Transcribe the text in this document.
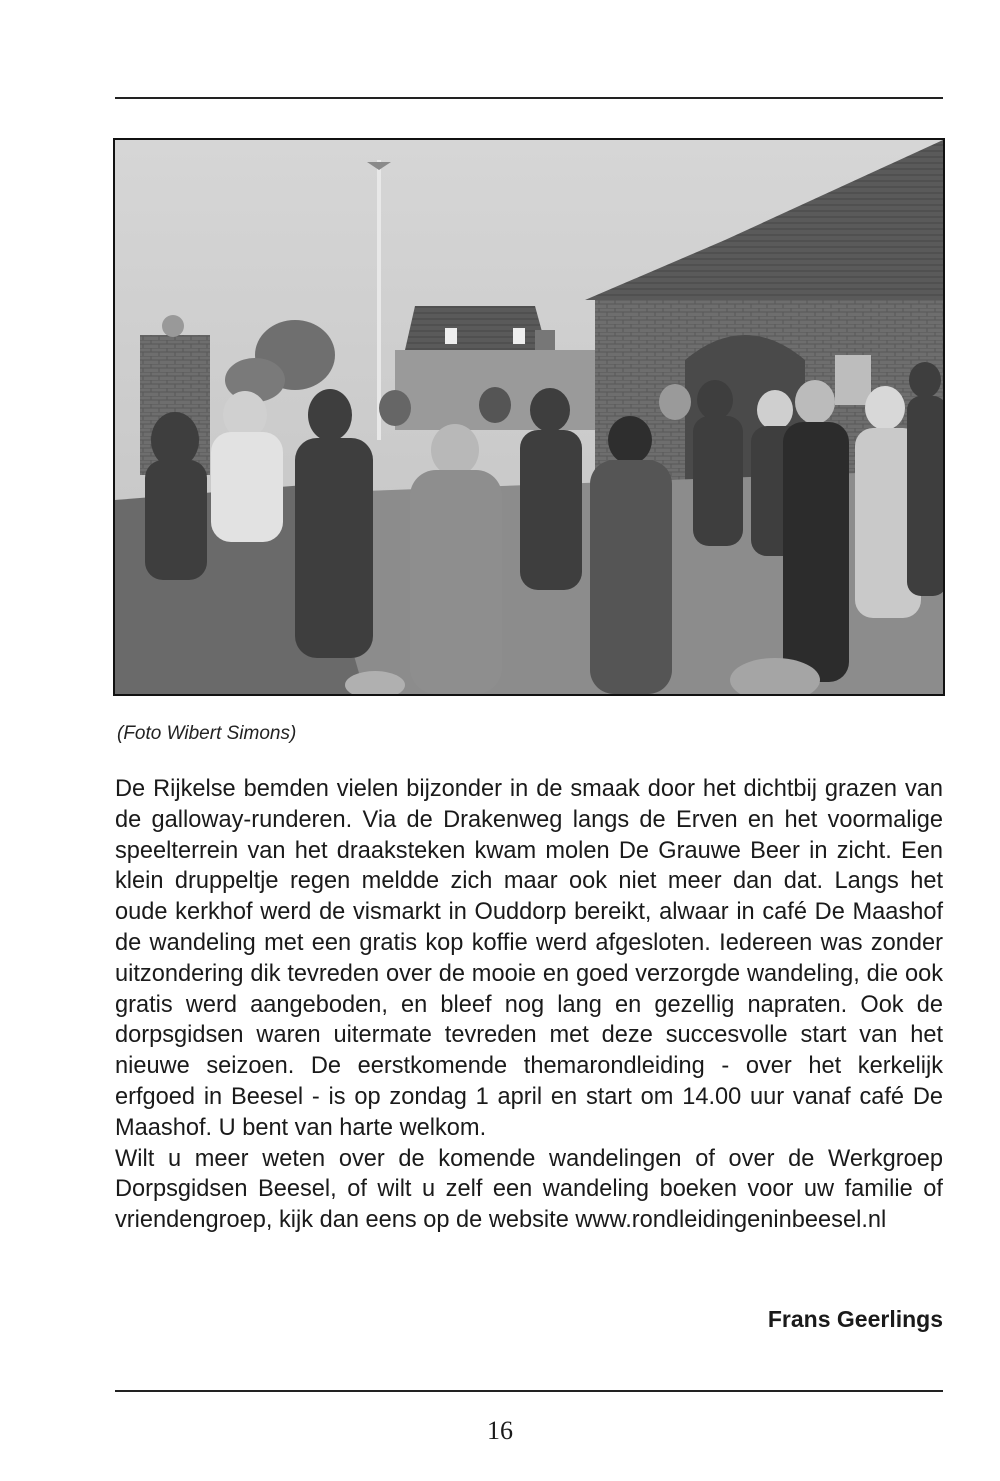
(Foto Wibert Simons)

De Rijkelse bemden vielen bijzonder in de smaak door het dichtbij grazen van de galloway-runderen. Via de Drakenweg langs de Erven en het voormalige speelterrein van het draaksteken kwam molen De Grauwe Beer in zicht. Een klein druppeltje regen meldde zich maar ook niet meer dan dat. Langs het oude kerkhof werd de vismarkt in Ouddorp bereikt, alwaar in café De Maashof de wandeling met een gratis kop koffie werd afgesloten. Iedereen was zonder uitzondering dik tevreden over de mooie en goed verzorgde wandeling, die ook gratis werd aangeboden, en bleef nog lang en gezellig napraten. Ook de dorpsgidsen waren uitermate tevreden met deze succesvolle start van het nieuwe seizoen. De eerstkomende themarondleiding - over het kerkelijk erfgoed in Beesel - is op zondag 1 april en start om 14.00 uur vanaf café De Maashof. U bent van harte welkom.

Wilt u meer weten over de komende wandelingen of over de Werkgroep Dorpsgidsen Beesel, of wilt u zelf een wandeling boeken voor uw familie of vriendengroep, kijk dan eens op de website www.rondleidingeninbeesel.nl

Frans Geerlings
16
